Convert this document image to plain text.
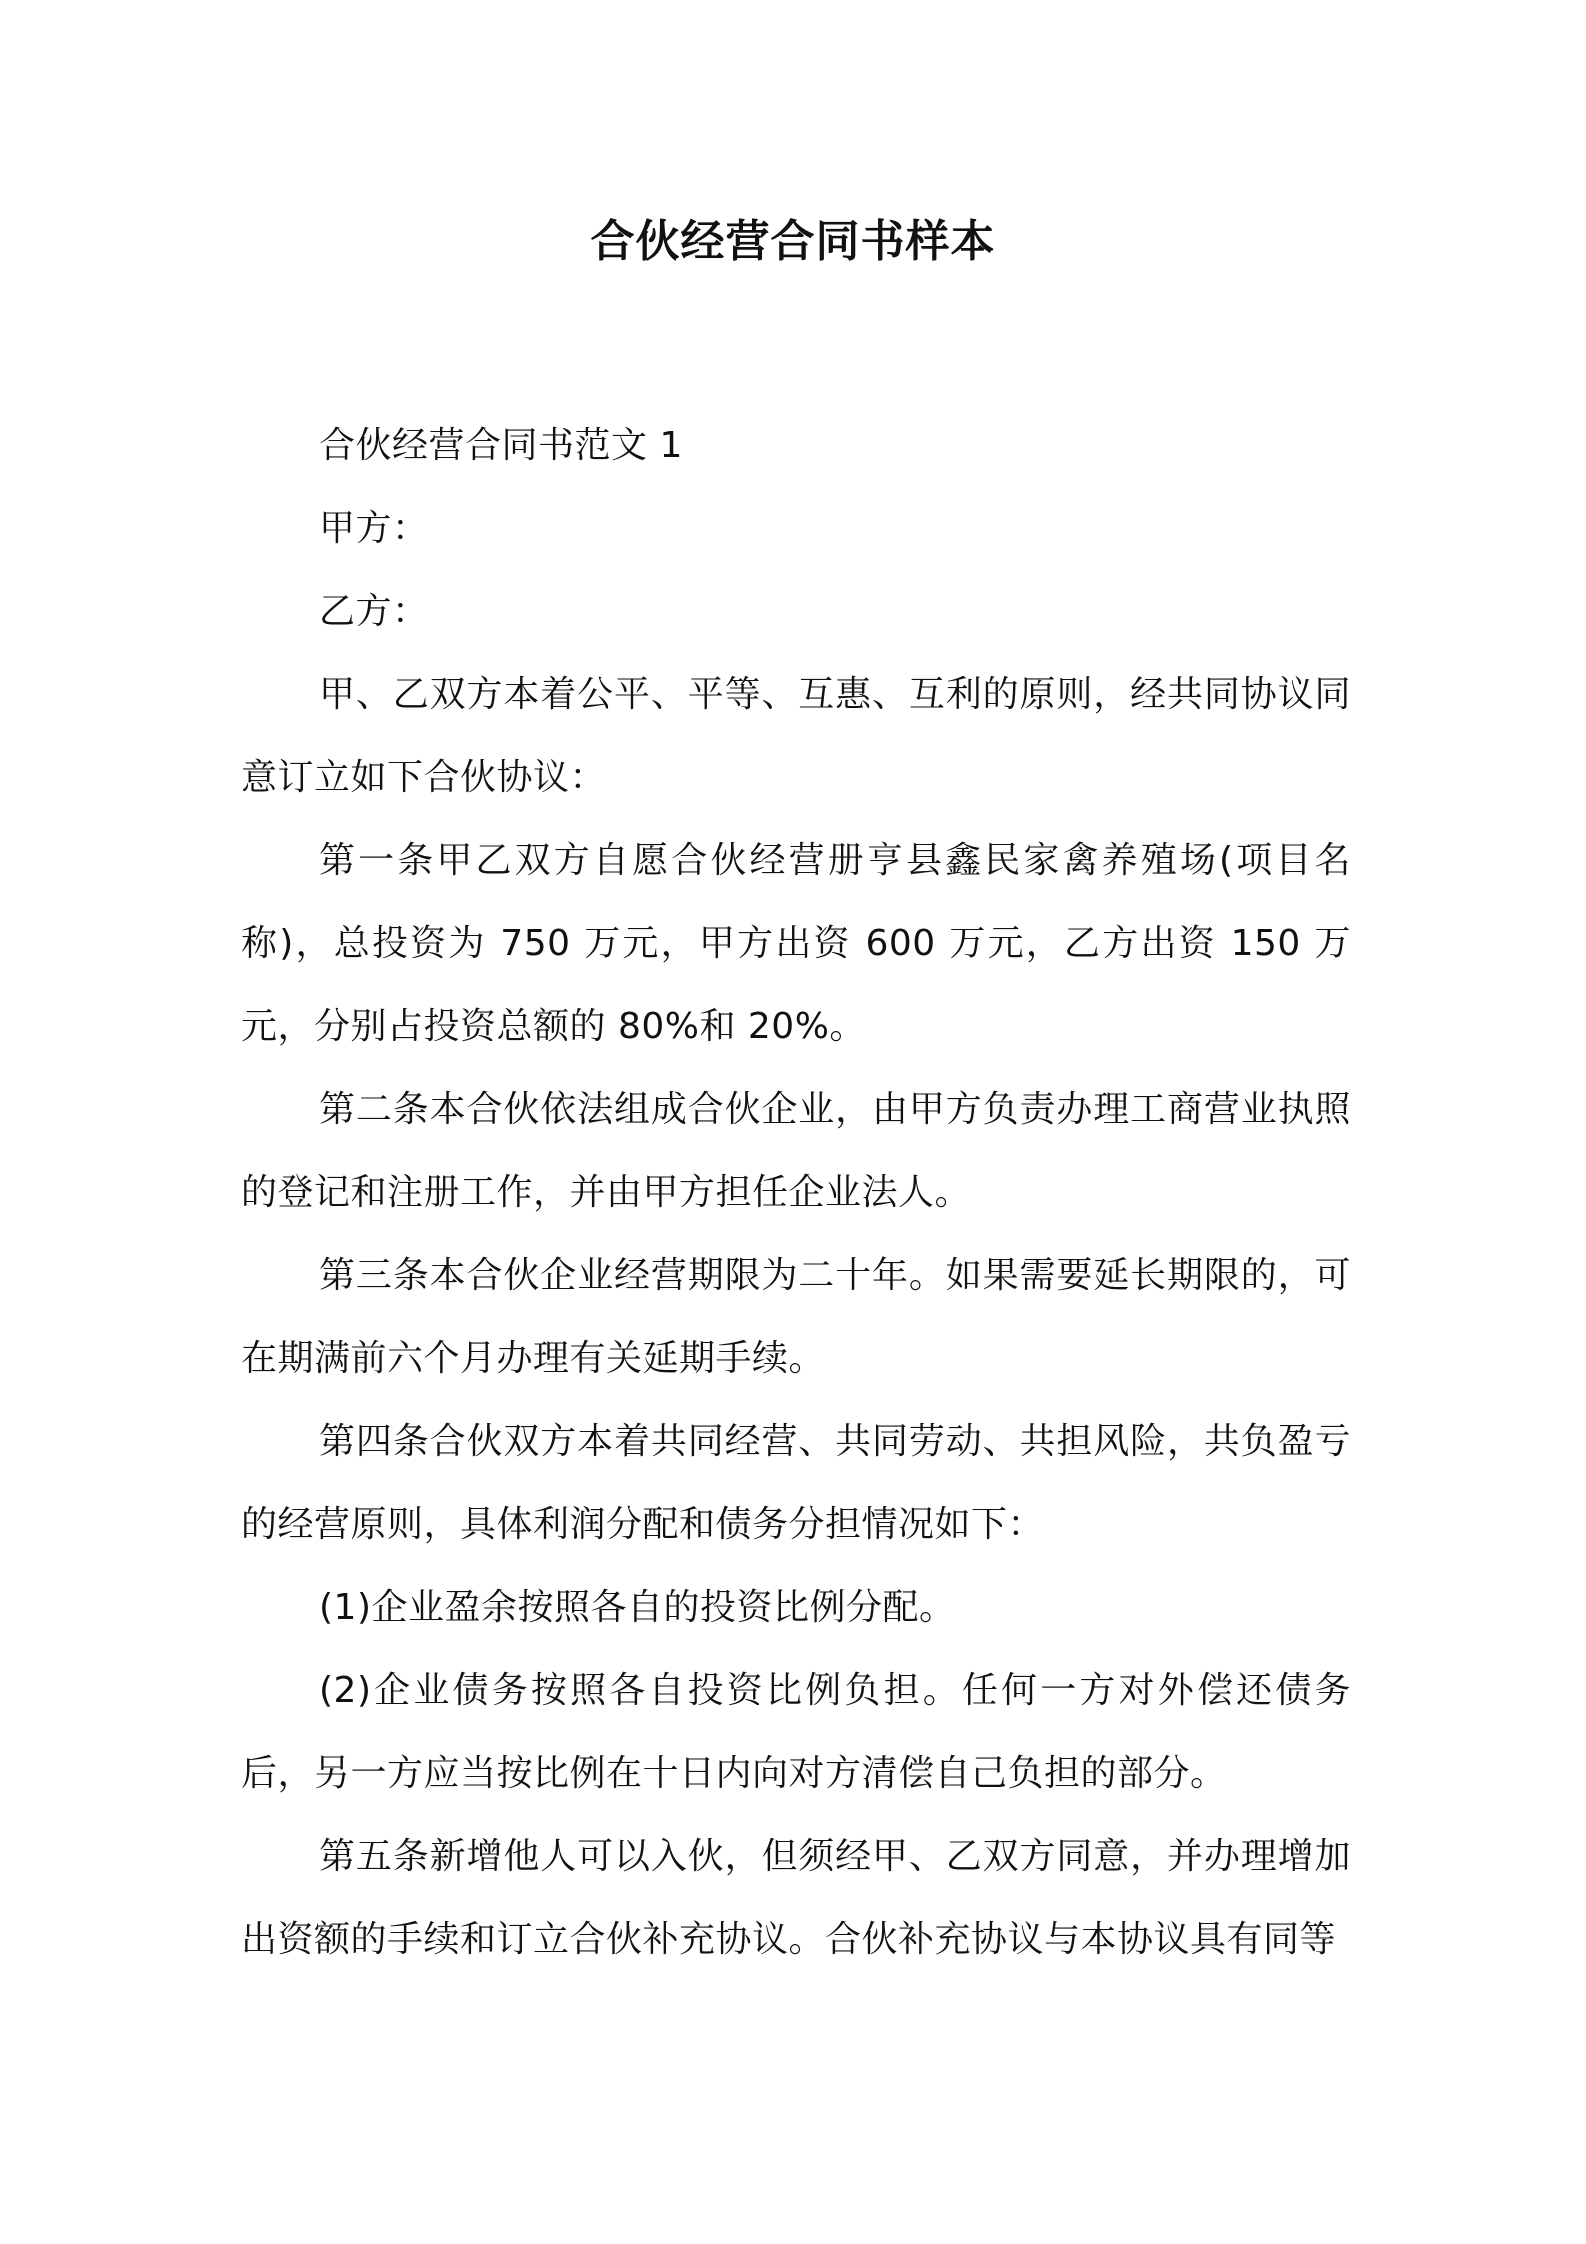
合伙经营合同书样本

合伙经营合同书范文 1

甲方：

乙方：

甲、乙双方本着公平、平等、互惠、互利的原则，经共同协议同意订立如下合伙协议：

第一条甲乙双方自愿合伙经营册亨县鑫民家禽养殖场(项目名称)，总投资为 750 万元，甲方出资 600 万元，乙方出资 150 万元，分别占投资总额的 80%和 20%。

第二条本合伙依法组成合伙企业，由甲方负责办理工商营业执照的登记和注册工作，并由甲方担任企业法人。

第三条本合伙企业经营期限为二十年。如果需要延长期限的，可在期满前六个月办理有关延期手续。

第四条合伙双方本着共同经营、共同劳动、共担风险，共负盈亏的经营原则，具体利润分配和债务分担情况如下：

(1)企业盈余按照各自的投资比例分配。

(2)企业债务按照各自投资比例负担。任何一方对外偿还债务后，另一方应当按比例在十日内向对方清偿自己负担的部分。

第五条新增他人可以入伙，但须经甲、乙双方同意，并办理增加出资额的手续和订立合伙补充协议。合伙补充协议与本协议具有同等
